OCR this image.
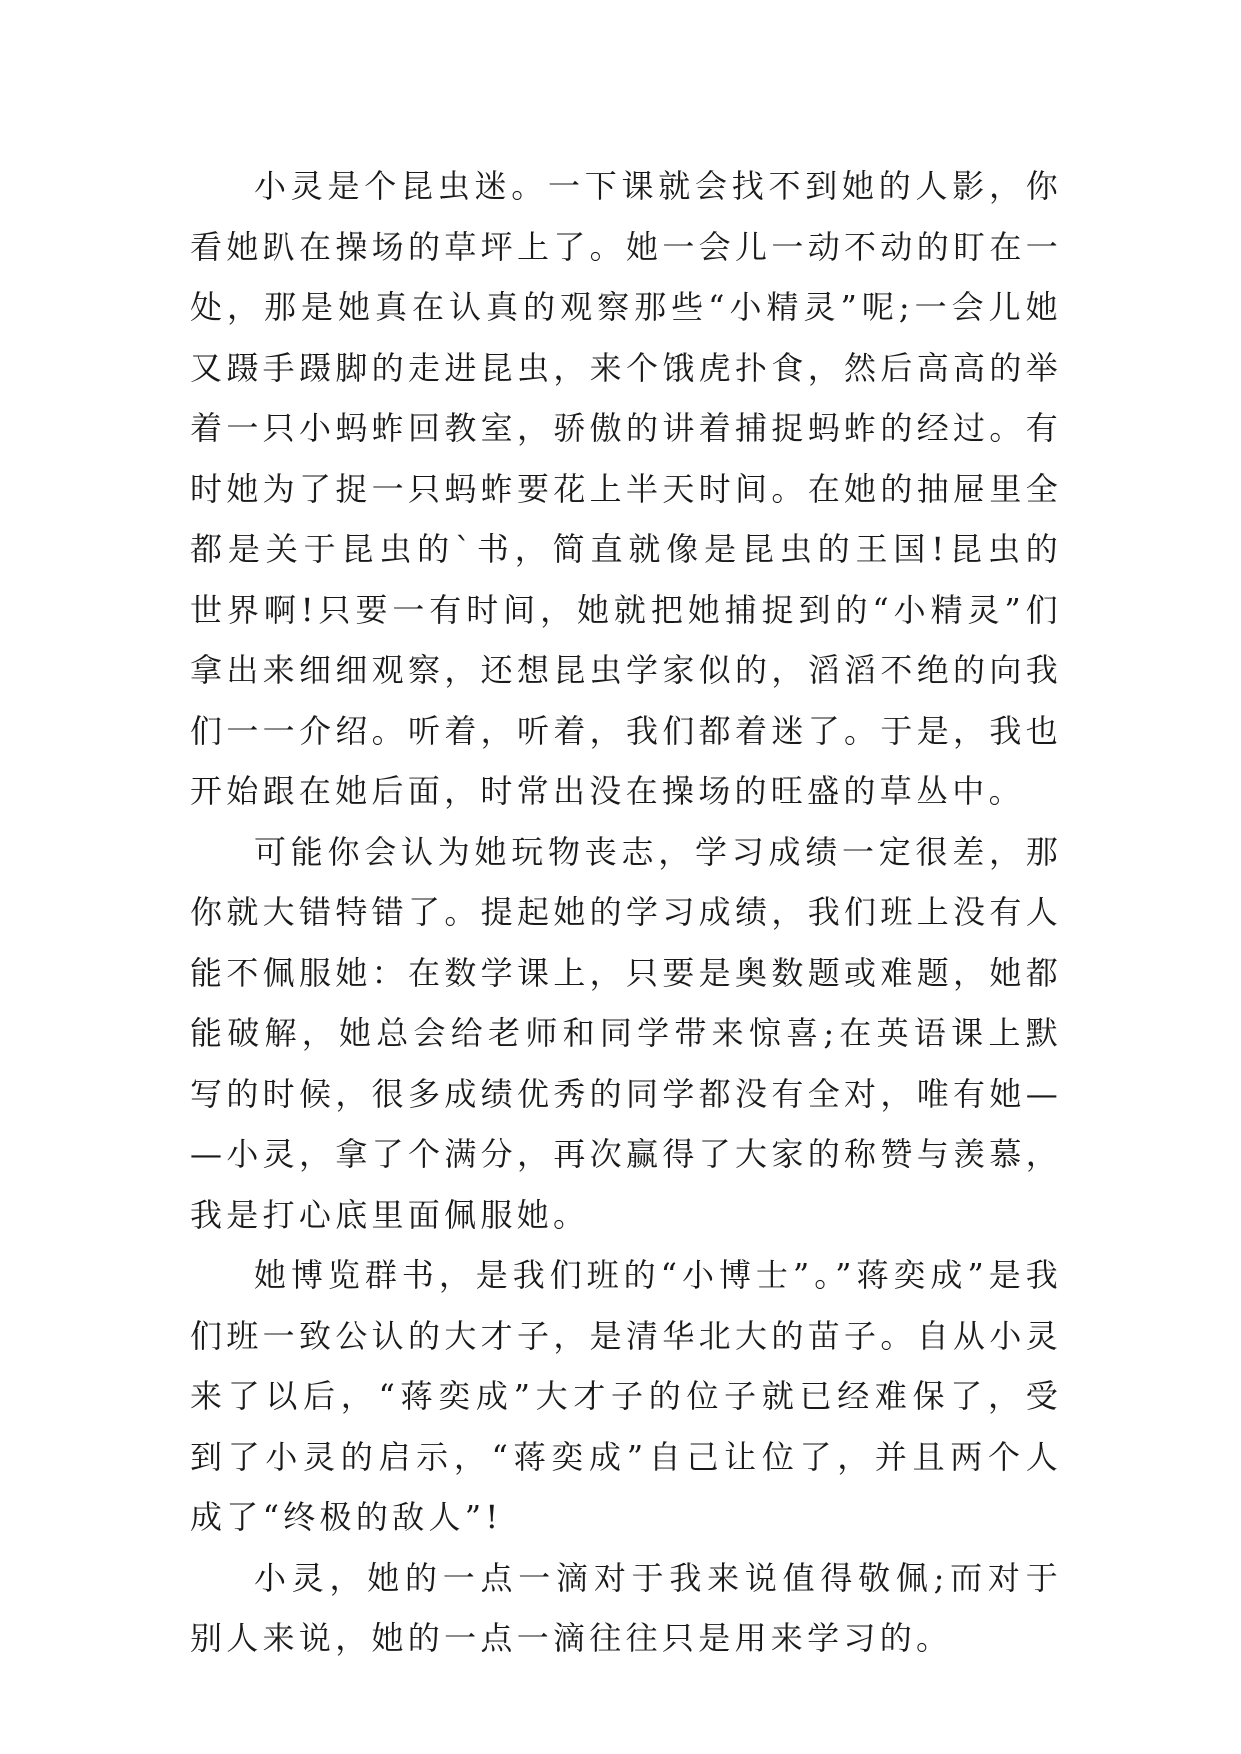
小灵是个昆虫迷。一下课就会找不到她的人影，你看她趴在操场的草坪上了。她一会儿一动不动的盯在一处，那是她真在认真的观察那些“小精灵”呢;一会儿她又蹑手蹑脚的走进昆虫，来个饿虎扑食，然后高高的举着一只小蚂蚱回教室，骄傲的讲着捕捉蚂蚱的经过。有时她为了捉一只蚂蚱要花上半天时间。在她的抽屉里全都是关于昆虫的`书，简直就像是昆虫的王国!昆虫的世界啊!只要一有时间，她就把她捕捉到的“小精灵”们拿出来细细观察，还想昆虫学家似的，滔滔不绝的向我们一一介绍。听着，听着，我们都着迷了。于是，我也开始跟在她后面，时常出没在操场的旺盛的草丛中。

可能你会认为她玩物丧志，学习成绩一定很差，那你就大错特错了。提起她的学习成绩，我们班上没有人能不佩服她：在数学课上，只要是奥数题或难题，她都能破解，她总会给老师和同学带来惊喜;在英语课上默写的时候，很多成绩优秀的同学都没有全对，唯有她——小灵，拿了个满分，再次赢得了大家的称赞与羡慕，我是打心底里面佩服她。

她博览群书，是我们班的“小博士”。”蒋奕成”是我们班一致公认的大才子，是清华北大的苗子。自从小灵来了以后，“蒋奕成”大才子的位子就已经难保了，受到了小灵的启示，“蒋奕成”自己让位了，并且两个人成了“终极的敌人”!

小灵，她的一点一滴对于我来说值得敬佩;而对于别人来说，她的一点一滴往往只是用来学习的。
